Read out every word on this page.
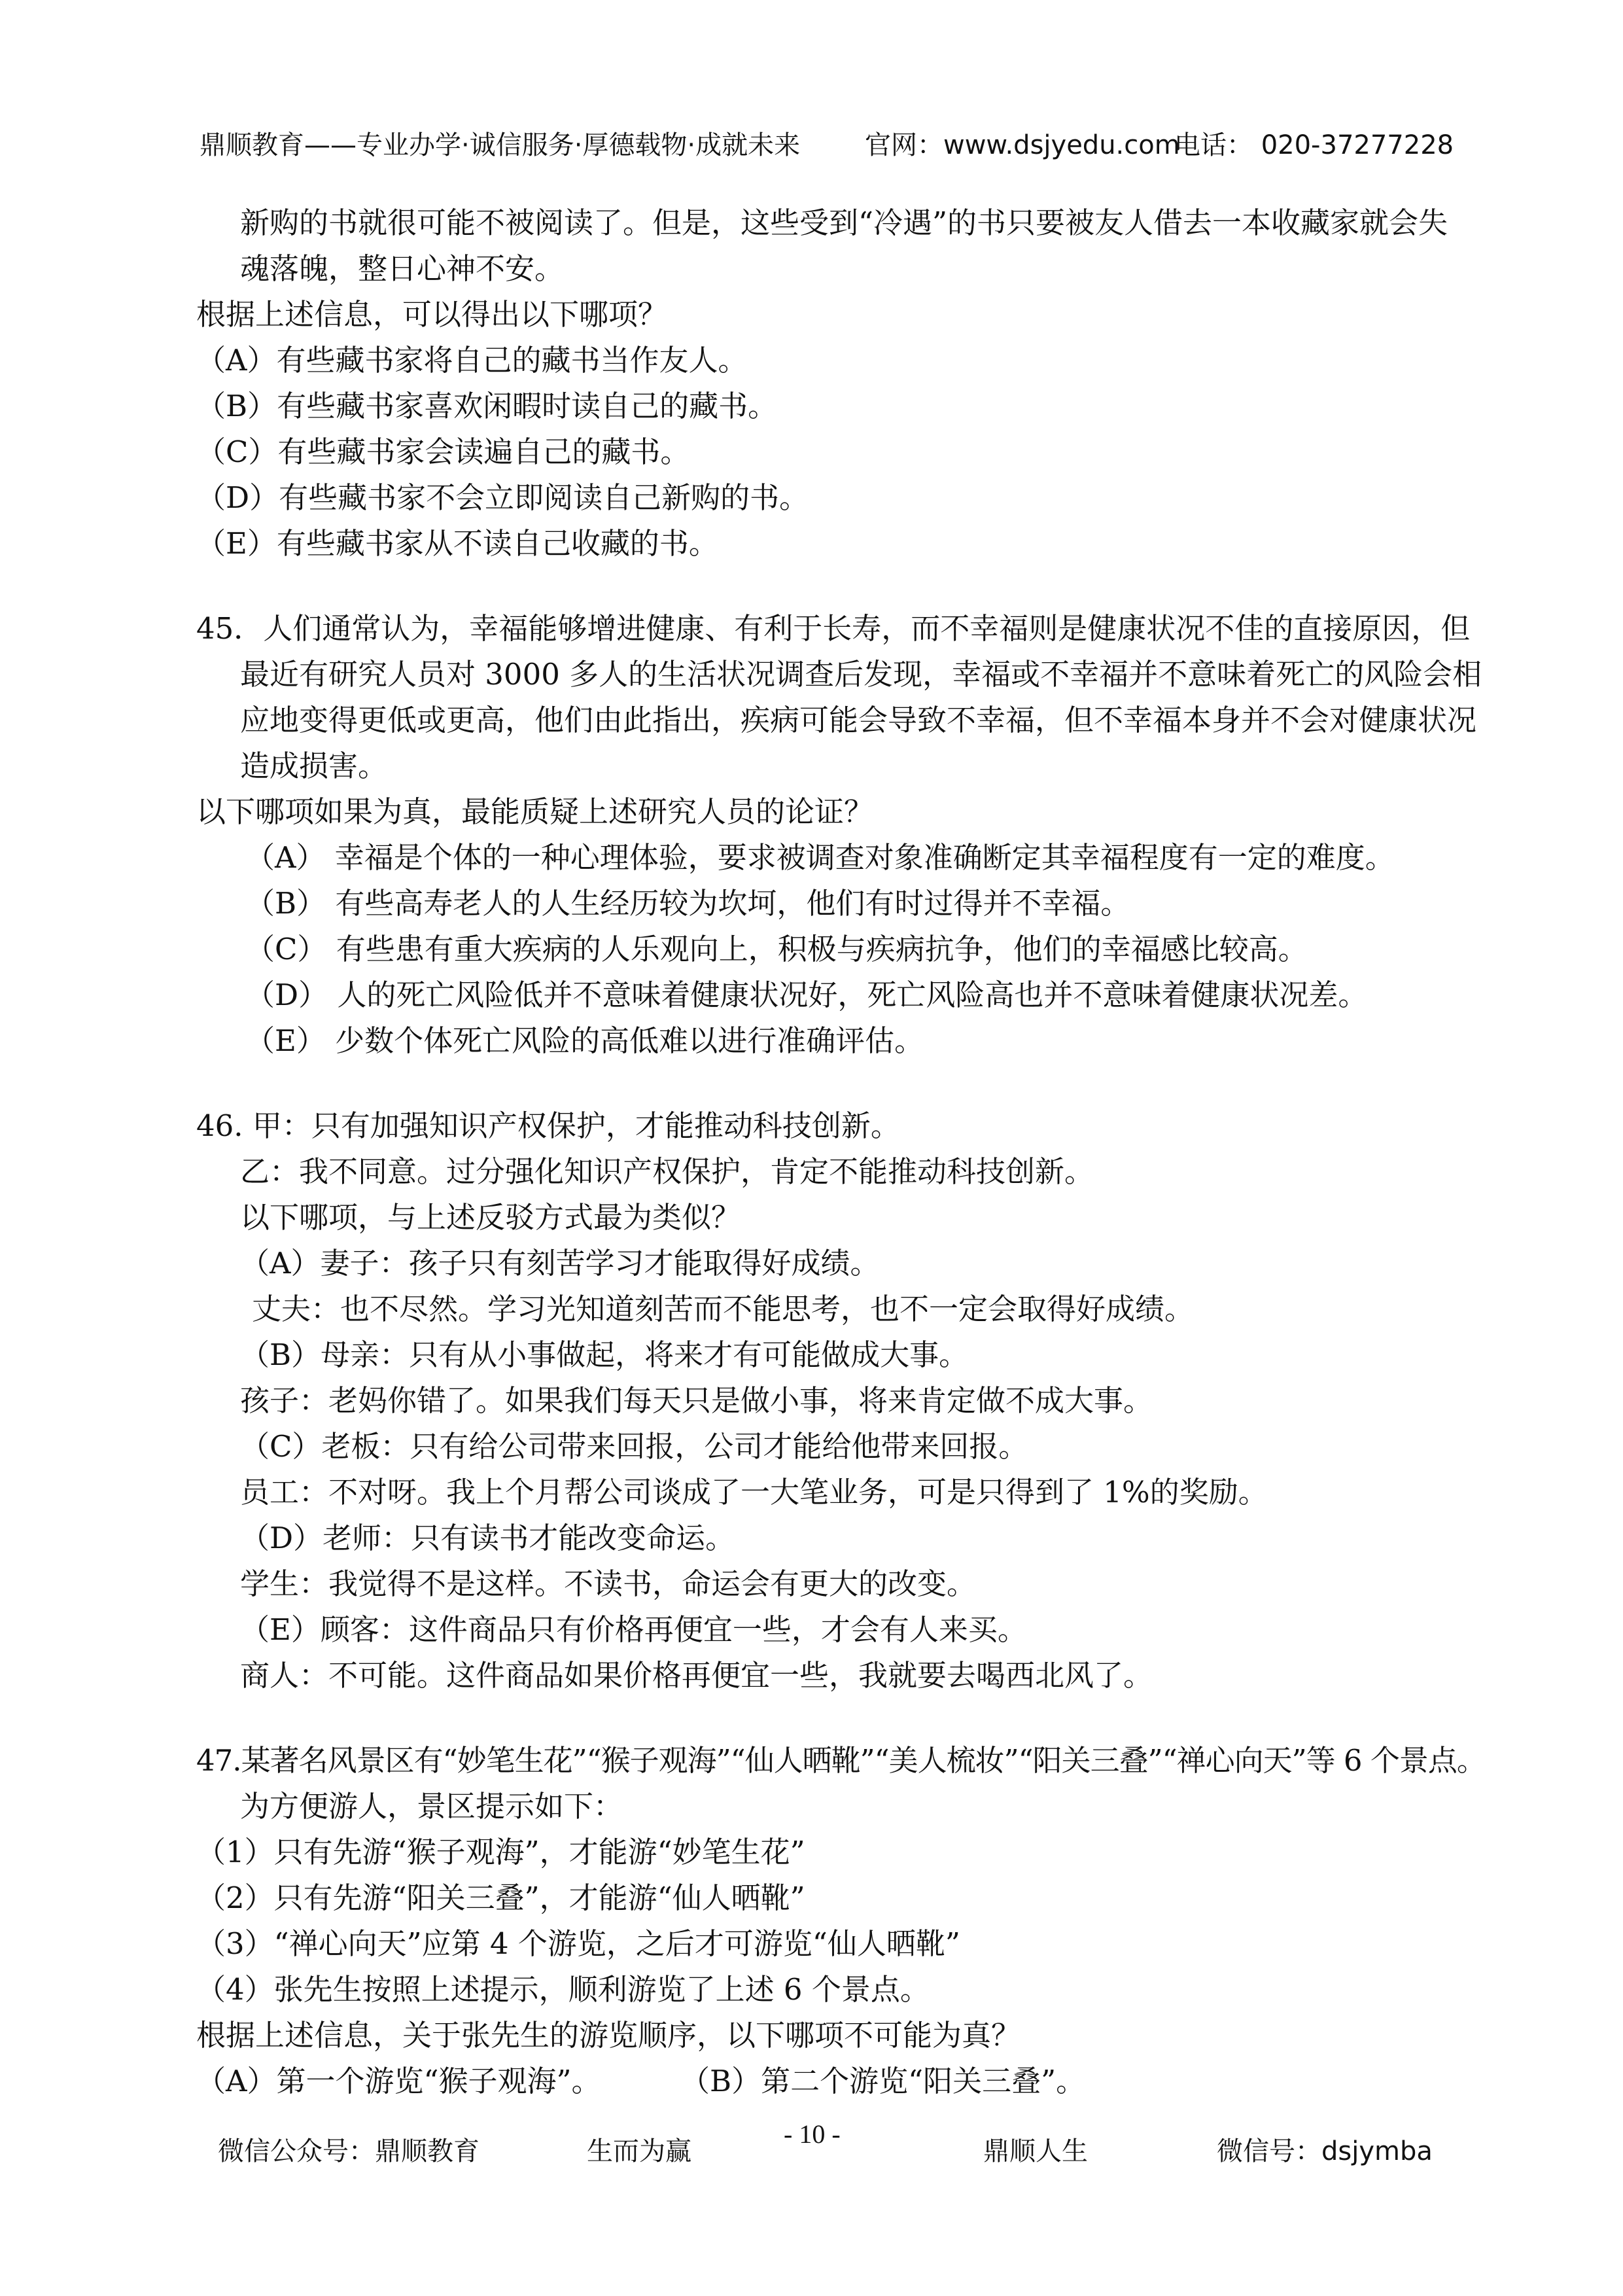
鼎顺教育——专业办学·诚信服务·厚德载物·成就未来 官网：www.dsjyedu.com
电话： 020-37277228
新购的书就很可能不被阅读了。但是，这些受到“冷遇”的书只要被友人借去一本收藏家就会失
魂落魄，整日心神不安。
根据上述信息，可以得出以下哪项？
（A）有些藏书家将自己的藏书当作友人。
（B）有些藏书家喜欢闲暇时读自己的藏书。
（C）有些藏书家会读遍自己的藏书。
（D）有些藏书家不会立即阅读自己新购的书。
（E）有些藏书家从不读自己收藏的书。
45．人们通常认为，幸福能够增进健康、有利于长寿，而不幸福则是健康状况不佳的直接原因，但
最近有研究人员对 3000 多人的生活状况调查后发现，幸福或不幸福并不意味着死亡的风险会相
应地变得更低或更高，他们由此指出，疾病可能会导致不幸福，但不幸福本身并不会对健康状况
造成损害。
以下哪项如果为真，最能质疑上述研究人员的论证？
（A） 幸福是个体的一种心理体验，要求被调查对象准确断定其幸福程度有一定的难度。
（B） 有些高寿老人的人生经历较为坎坷，他们有时过得并不幸福。
（C） 有些患有重大疾病的人乐观向上，积极与疾病抗争，他们的幸福感比较高。
（D） 人的死亡风险低并不意味着健康状况好，死亡风险高也并不意味着健康状况差。
（E） 少数个体死亡风险的高低难以进行准确评估。
46. 甲：只有加强知识产权保护，才能推动科技创新。
乙：我不同意。过分强化知识产权保护，肯定不能推动科技创新。
以下哪项，与上述反驳方式最为类似？
（A）妻子：孩子只有刻苦学习才能取得好成绩。
丈夫：也不尽然。学习光知道刻苦而不能思考，也不一定会取得好成绩。
（B）母亲：只有从小事做起，将来才有可能做成大事。
孩子：老妈你错了。如果我们每天只是做小事，将来肯定做不成大事。
（C）老板：只有给公司带来回报，公司才能给他带来回报。
员工：不对呀。我上个月帮公司谈成了一大笔业务，可是只得到了 1%的奖励。
（D）老师：只有读书才能改变命运。
学生：我觉得不是这样。不读书，命运会有更大的改变。
（E）顾客：这件商品只有价格再便宜一些，才会有人来买。
商人：不可能。这件商品如果价格再便宜一些，我就要去喝西北风了。
47.某著名风景区有“妙笔生花”“猴子观海”“仙人晒靴”“美人梳妆”“阳关三叠”“禅心向天”等 6 个景点。
为方便游人，景区提示如下：
（1）只有先游“猴子观海”，才能游“妙笔生花”
（2）只有先游“阳关三叠”，才能游“仙人晒靴”
（3）“禅心向天”应第 4 个游览，之后才可游览“仙人晒靴”
（4）张先生按照上述提示，顺利游览了上述 6 个景点。
根据上述信息，关于张先生的游览顺序，以下哪项不可能为真？
（A）第一个游览“猴子观海”。	（B）第二个游览“阳关三叠”。
微信公众号：鼎顺教育	生而为赢
- 10 -
鼎顺人生	微信号：dsjymba
